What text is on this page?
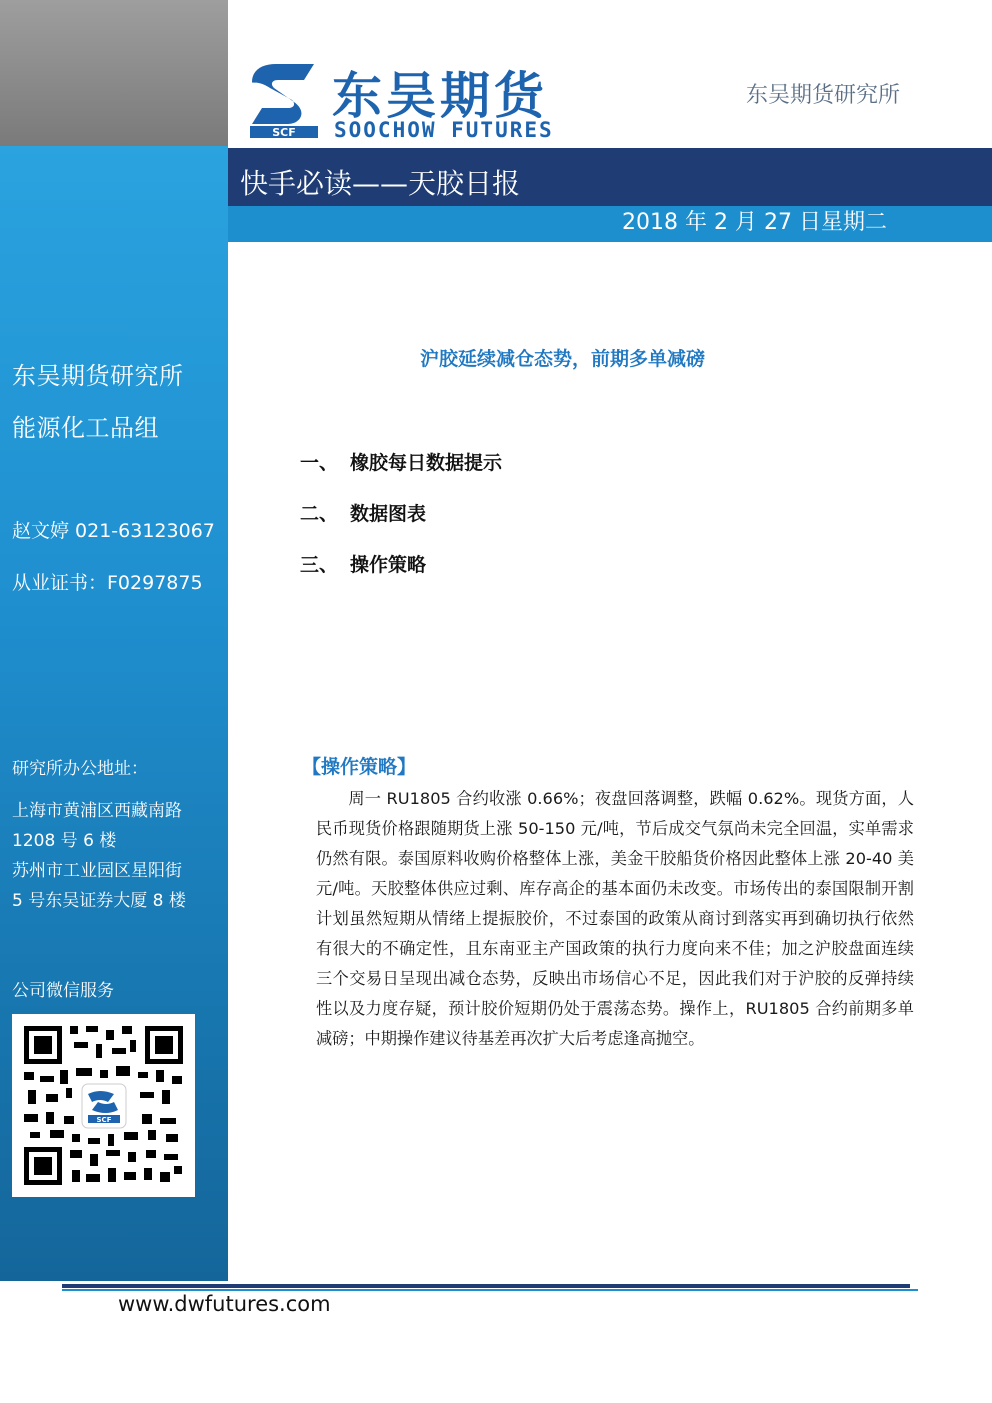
东吴期货研究所
能源化工品组
赵文婷 021-63123067
从业证书：F0297875
研究所办公地址：
上海市黄浦区西藏南路
1208 号 6 楼
苏州市工业园区星阳街
5 号东吴证券大厦 8 楼
公司微信服务
SCF
SCF
东吴期货
SOOCHOW FUTURES
东吴期货研究所
快手必读——天胶日报
2018 年 2 月 27 日星期二
沪胶延续减仓态势，前期多单减磅
一、 橡胶每日数据提示
二、 数据图表
三、 操作策略
【操作策略】
周一 RU1805 合约收涨 0.66%；夜盘回落调整，跌幅 0.62%。现货方面，人民币现货价格跟随期货上涨 50-150 元/吨，节后成交气氛尚未完全回温，实单需求仍然有限。泰国原料收购价格整体上涨，美金干胶船货价格因此整体上涨 20-40 美元/吨。天胶整体供应过剩、库存高企的基本面仍未改变。市场传出的泰国限制开割计划虽然短期从情绪上提振胶价，不过泰国的政策从商讨到落实再到确切执行依然有很大的不确定性，且东南亚主产国政策的执行力度向来不佳；加之沪胶盘面连续三个交易日呈现出减仓态势，反映出市场信心不足，因此我们对于沪胶的反弹持续性以及力度存疑，预计胶价短期仍处于震荡态势。操作上，RU1805 合约前期多单减磅；中期操作建议待基差再次扩大后考虑逢高抛空。
www.dwfutures.com
